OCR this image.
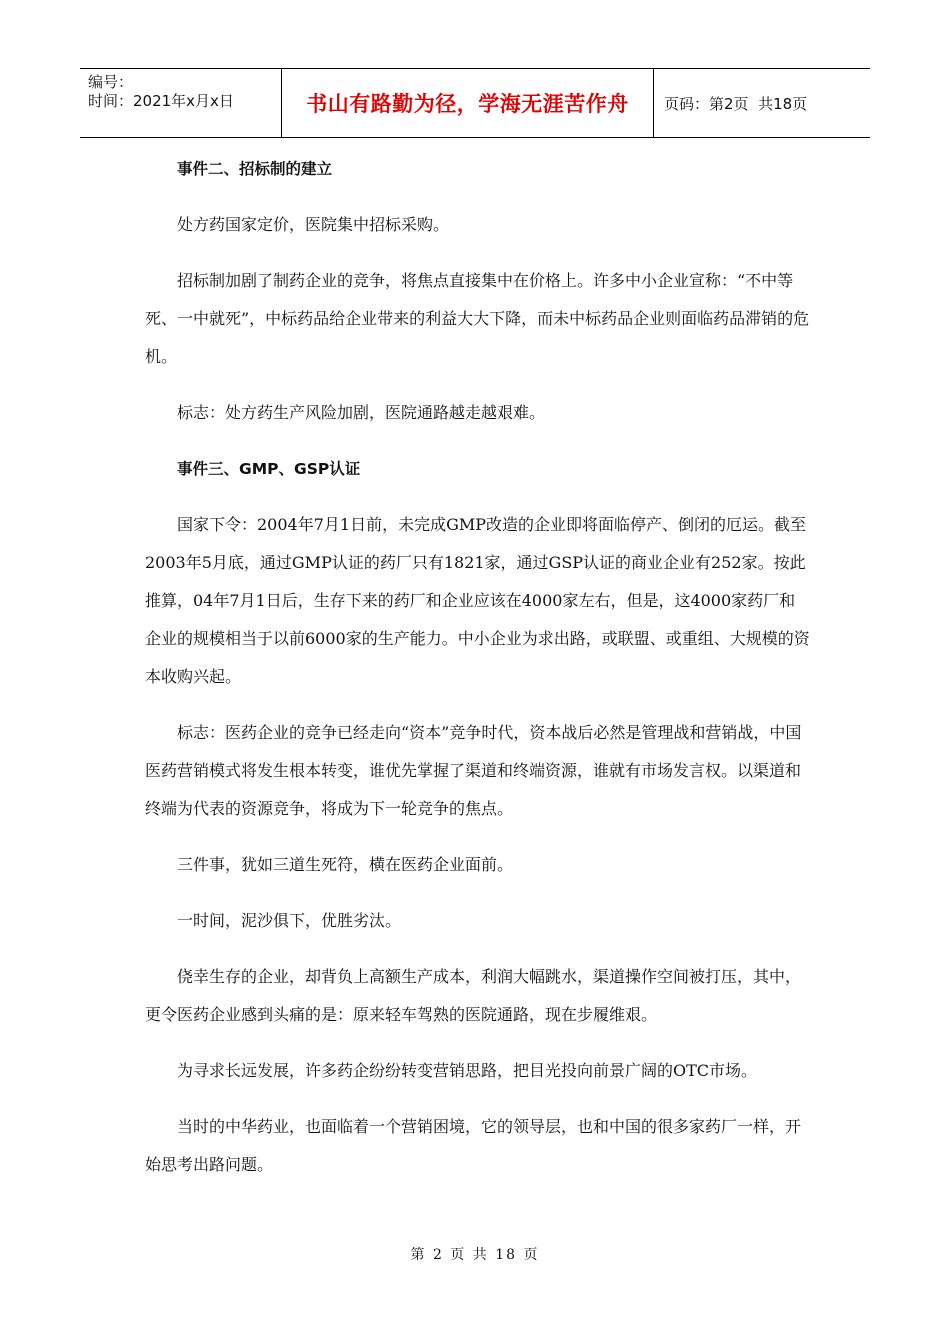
编号：
时间：2021年x月x日	书山有路勤为径，学海无涯苦作舟 页码：第2页  共18页

事件二、招标制的建立

处方药国家定价，医院集中招标采购。

招标制加剧了制药企业的竞争，将焦点直接集中在价格上。许多中小企业宣称：“不中等死、一中就死”，中标药品给企业带来的利益大大下降，而未中标药品企业则面临药品滞销的危机。

标志：处方药生产风险加剧，医院通路越走越艰难。

事件三、GMP、GSP认证

国家下令：2004年7月1日前，未完成GMP改造的企业即将面临停产、倒闭的厄运。截至2003年5月底，通过GMP认证的药厂只有1821家，通过GSP认证的商业企业有252家。按此推算，04年7月1日后，生存下来的药厂和企业应该在4000家左右，但是，这4000家药厂和企业的规模相当于以前6000家的生产能力。中小企业为求出路，或联盟、或重组、大规模的资本收购兴起。

标志：医药企业的竞争已经走向“资本”竞争时代，资本战后必然是管理战和营销战，中国医药营销模式将发生根本转变，谁优先掌握了渠道和终端资源，谁就有市场发言权。以渠道和终端为代表的资源竞争，将成为下一轮竞争的焦点。

三件事，犹如三道生死符，横在医药企业面前。

一时间，泥沙俱下，优胜劣汰。

侥幸生存的企业，却背负上高额生产成本，利润大幅跳水，渠道操作空间被打压，其中，更令医药企业感到头痛的是：原来轻车驾熟的医院通路，现在步履维艰。

为寻求长远发展，许多药企纷纷转变营销思路，把目光投向前景广阔的OTC市场。

当时的中华药业，也面临着一个营销困境，它的领导层，也和中国的很多家药厂一样，开始思考出路问题。

第 2 页 共 18 页
